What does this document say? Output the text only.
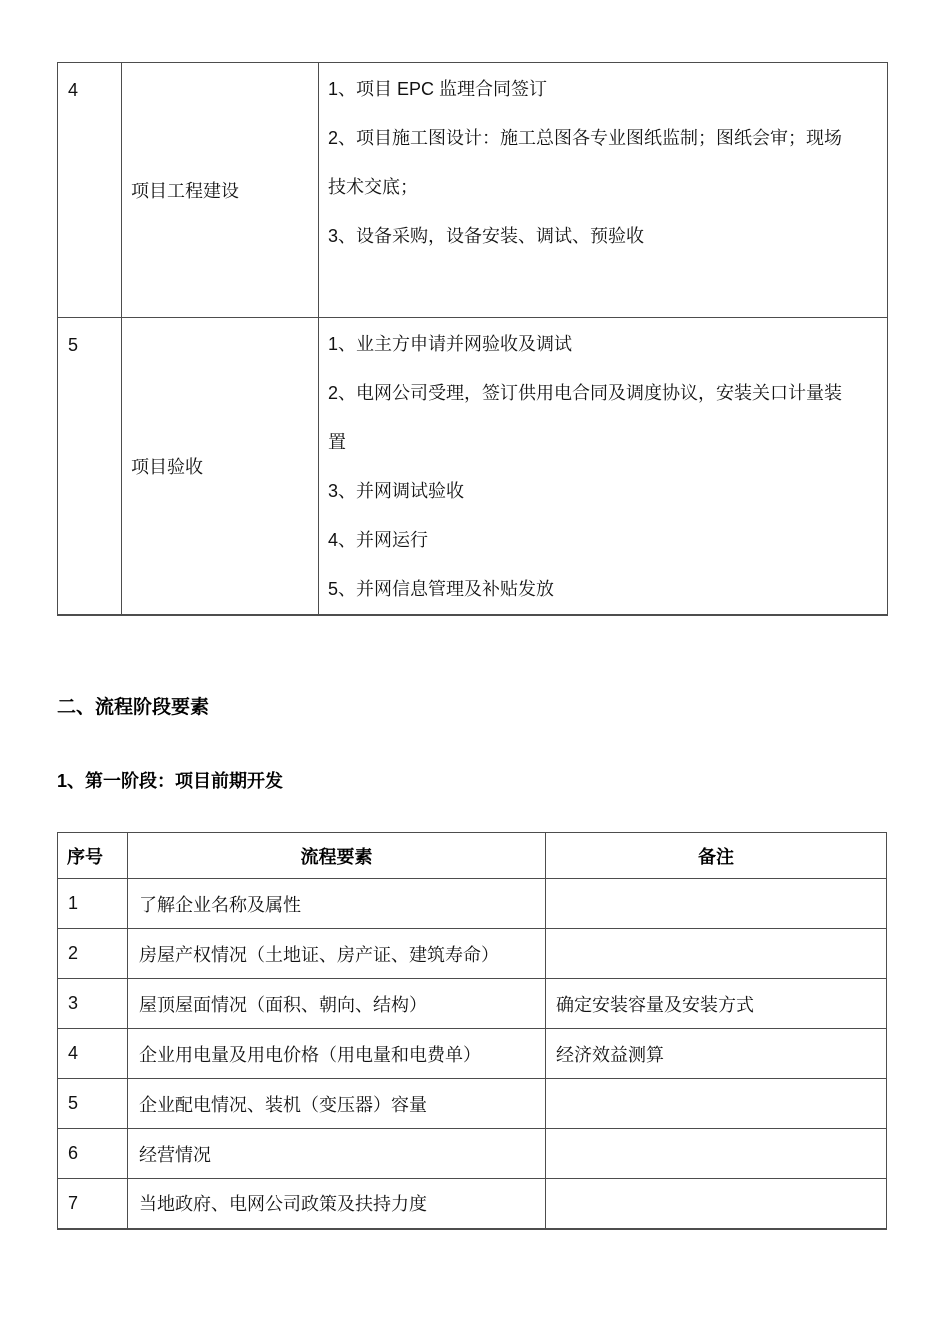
4	项目工程建设	1、项目 EPC 监理合同签订
2、项目施工图设计：施工总图各专业图纸监制；图纸会审；现场技术交底；
3、设备采购，设备安装、调试、预验收

5	项目验收	1、业主方申请并网验收及调试
2、电网公司受理，签订供用电合同及调度协议，安装关口计量装置
3、并网调试验收
4、并网运行
5、并网信息管理及补贴发放
二、流程阶段要素
1、第一阶段：项目前期开发
序号	流程要素	备注
1	了解企业名称及属性	
2	房屋产权情况（土地证、房产证、建筑寿命）	
3	屋顶屋面情况（面积、朝向、结构）	确定安装容量及安装方式
4	企业用电量及用电价格（用电量和电费单）	经济效益测算
5	企业配电情况、装机（变压器）容量	
6	经营情况	
7	当地政府、电网公司政策及扶持力度	
